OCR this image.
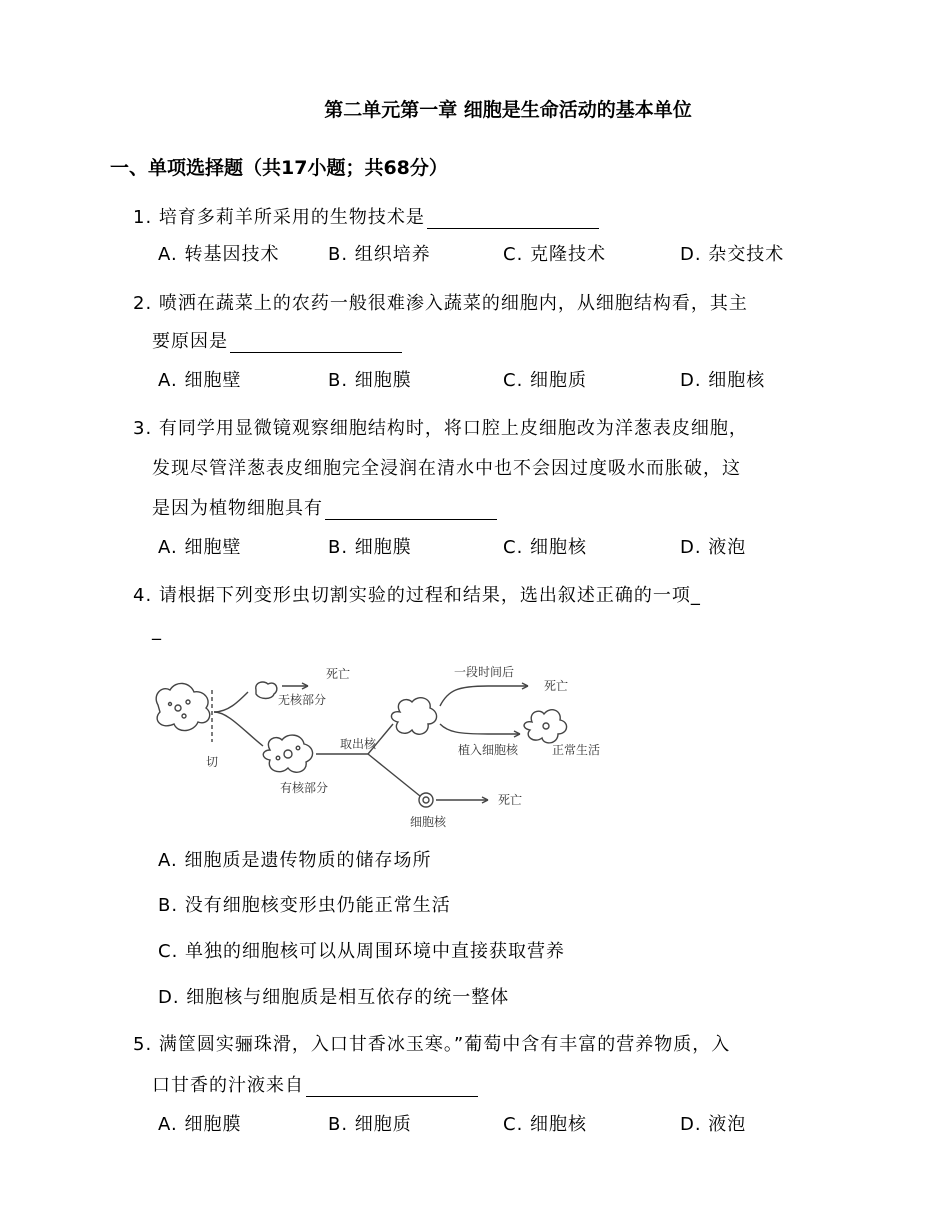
第二单元第一章 细胞是生命活动的基本单位
一、单项选择题（共17小题；共68分）
1. 培育多莉羊所采用的生物技术是
A. 转基因技术	B. 组织培养	C. 克隆技术	D. 杂交技术
2. 喷洒在蔬菜上的农药一般很难渗入蔬菜的细胞内，从细胞结构看，其主
要原因是
A. 细胞壁	B. 细胞膜	C. 细胞质	D. 细胞核
3. 有同学用显微镜观察细胞结构时，将口腔上皮细胞改为洋葱表皮细胞，
发现尽管洋葱表皮细胞完全浸润在清水中也不会因过度吸水而胀破，这
是因为植物细胞具有
A. 细胞壁	B. 细胞膜	C. 细胞核	D. 液泡
4. 请根据下列变形虫切割实验的过程和结果，选出叙述正确的一项_
_
死亡
无核部分
切
有核部分
取出核
一段时间后
死亡
植入细胞核	正常生活
细胞核
死亡
A. 细胞质是遗传物质的储存场所
B. 没有细胞核变形虫仍能正常生活
C. 单独的细胞核可以从周围环境中直接获取营养
D. 细胞核与细胞质是相互依存的统一整体
5. 满筐圆实骊珠滑，入口甘香冰玉寒。”葡萄中含有丰富的营养物质，入
口甘香的汁液来自
A. 细胞膜	B. 细胞质	C. 细胞核	D. 液泡
